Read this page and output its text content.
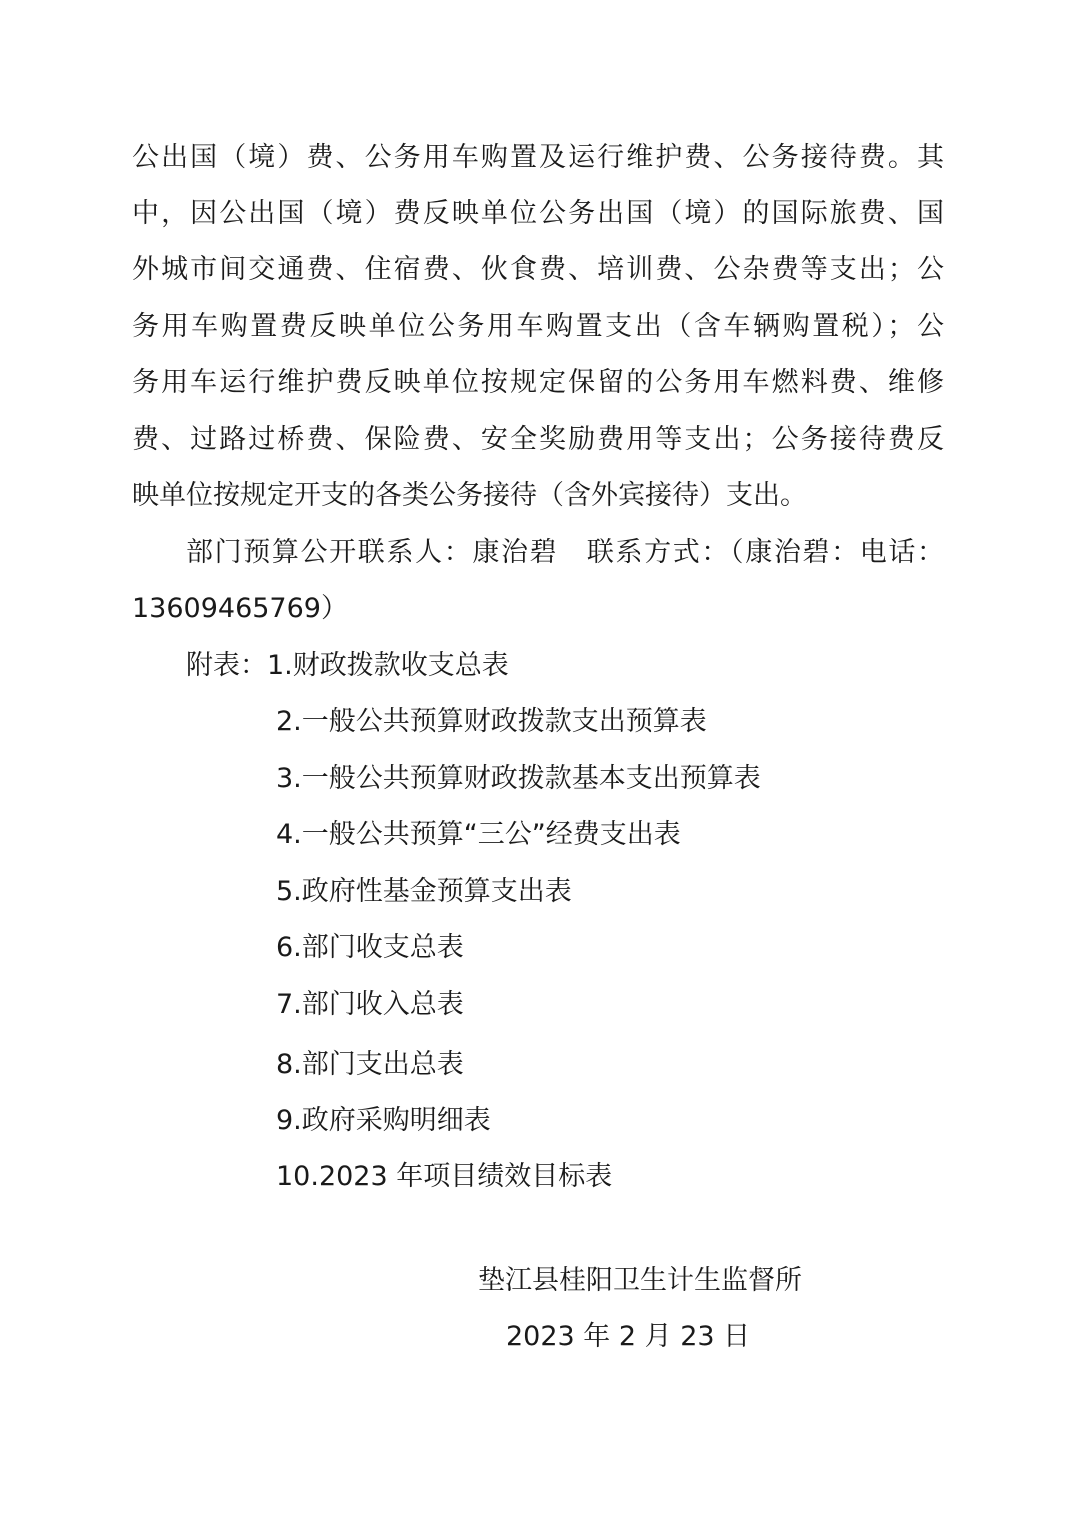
公出国（境）费、公务用车购置及运行维护费、公务接待费。其
中，因公出国（境）费反映单位公务出国（境）的国际旅费、国
外城市间交通费、住宿费、伙食费、培训费、公杂费等支出；公
务用车购置费反映单位公务用车购置支出（含车辆购置税）；公
务用车运行维护费反映单位按规定保留的公务用车燃料费、维修
费、过路过桥费、保险费、安全奖励费用等支出；公务接待费反
映单位按规定开支的各类公务接待（含外宾接待）支出。
部门预算公开联系人：康治碧　联系方式：（康治碧：电话：
13609465769）
附表：1.财政拨款收支总表
2.一般公共预算财政拨款支出预算表
3.一般公共预算财政拨款基本支出预算表
4.一般公共预算“三公”经费支出表
5.政府性基金预算支出表
6.部门收支总表
7.部门收入总表
8.部门支出总表
9.政府采购明细表
10.2023 年项目绩效目标表
垫江县桂阳卫生计生监督所
2023 年 2 月 23 日
